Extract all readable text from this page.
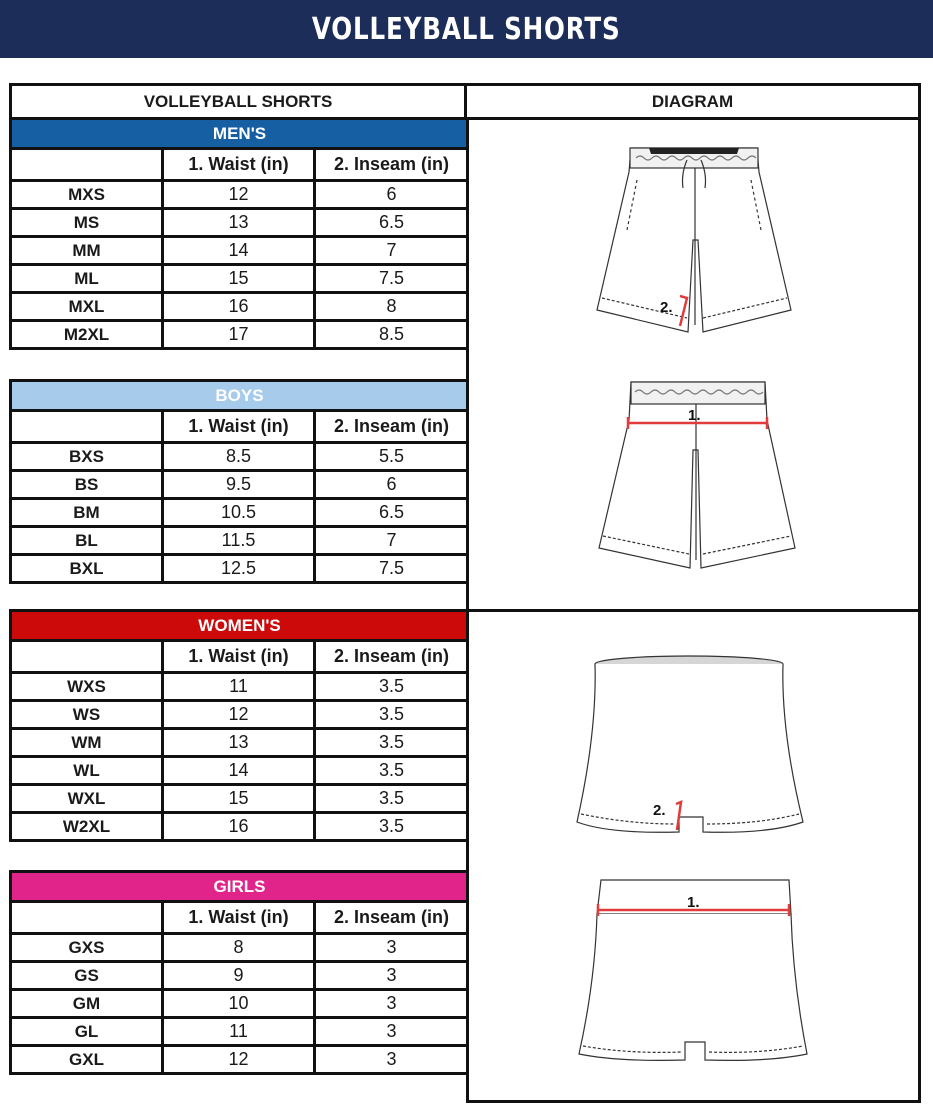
VOLLEYBALL SHORTS
VOLLEYBALL SHORTS	DIAGRAM
MEN'S		
	1. Waist (in)	2. Inseam (in)
MXS	12	6
MS	13	6.5
MM	14	7
ML	15	7.5
MXL	16	8
M2XL	17	8.5
BOYS		
	1. Waist (in)	2. Inseam (in)
BXS	8.5	5.5
BS	9.5	6
BM	10.5	6.5
BL	11.5	7
BXL	12.5	7.5
WOMEN'S		
	1. Waist (in)	2. Inseam (in)
WXS	11	3.5
WS	12	3.5
WM	13	3.5
WL	14	3.5
WXL	15	3.5
W2XL	16	3.5
GIRLS		
	1. Waist (in)	2. Inseam (in)
GXS	8	3
GS	9	3
GM	10	3
GL	11	3
GXL	12	3
2.
1.
2.
1.
